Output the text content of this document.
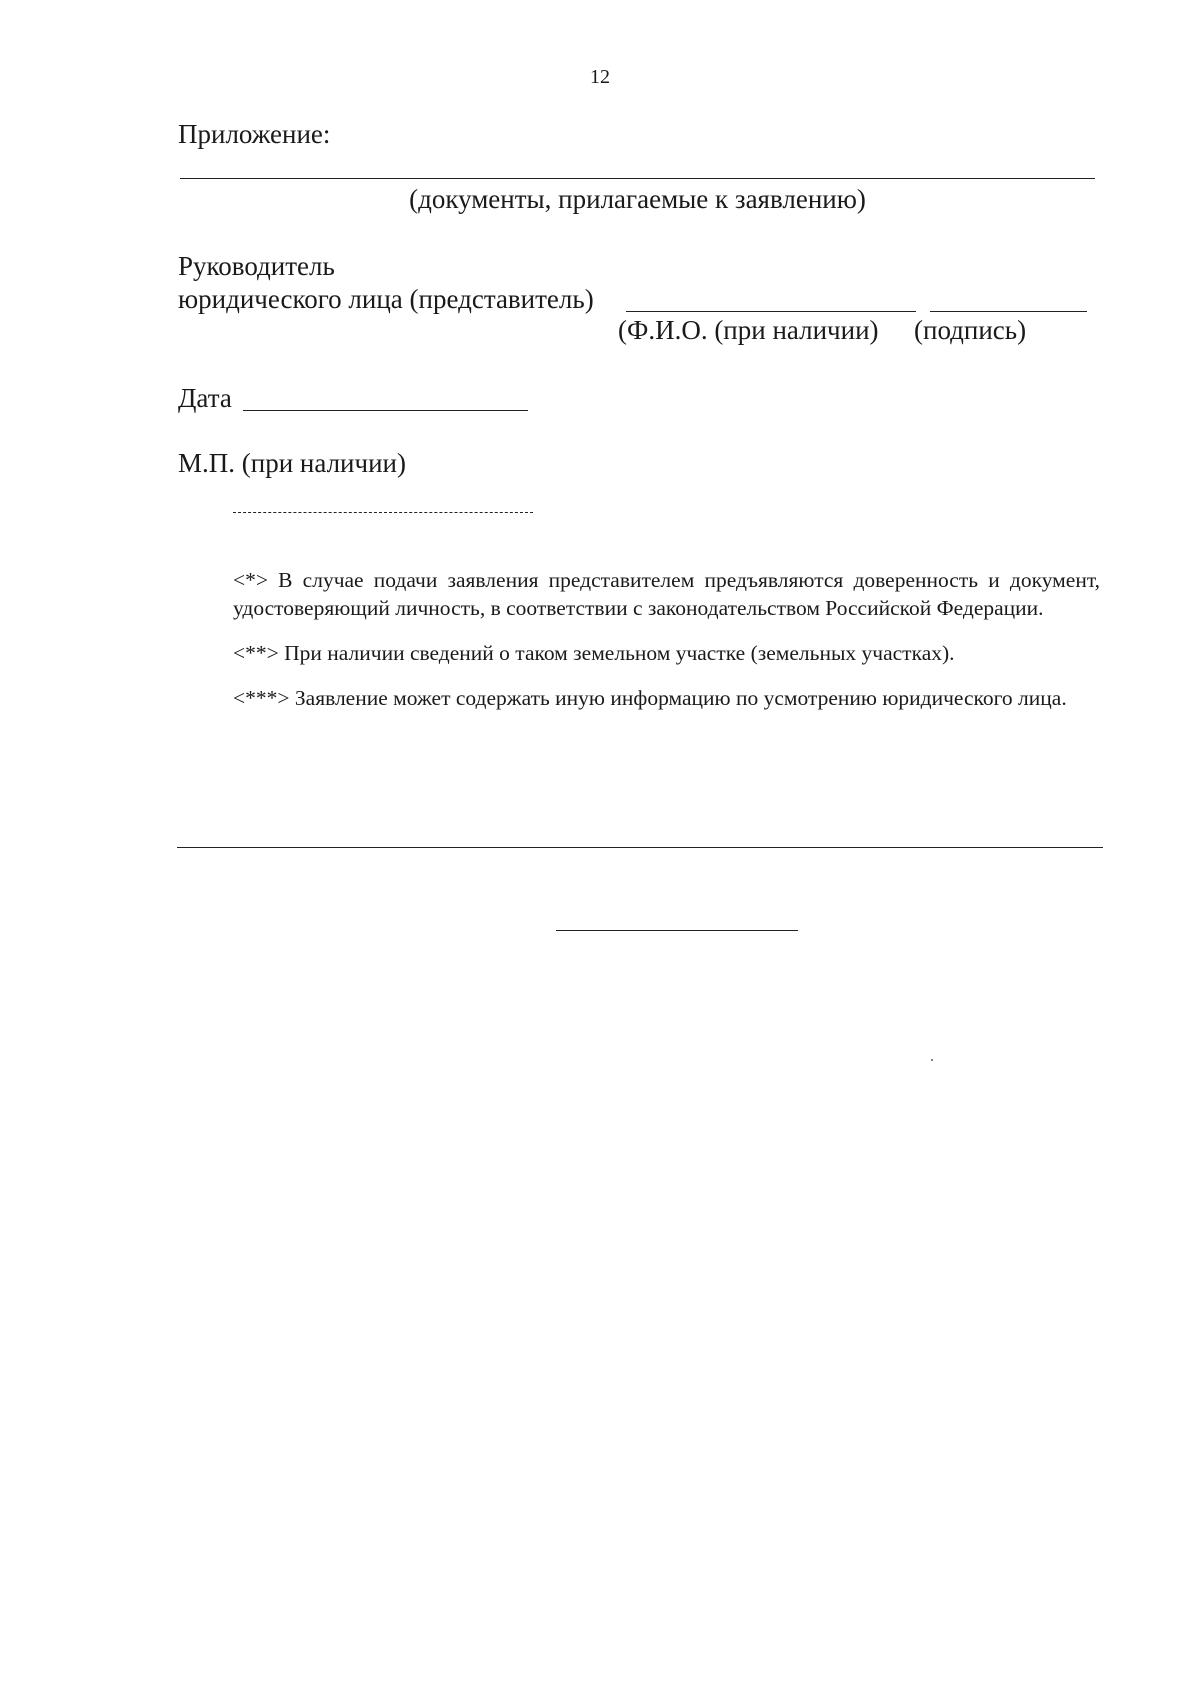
12
Приложение:
(документы, прилагаемые к заявлению)
Руководитель
юридического лица (представитель)
(Ф.И.О. (при наличии) (подпись)
Дата
М.П. (при наличии)

<*> В случае подачи заявления представителем предъявляются доверенность и документ, удостоверяющий личность, в соответствии с законодательством Российской Федерации.

<**> При наличии сведений о таком земельном участке (земельных участках).

<***> Заявление может содержать иную информацию по усмотрению юридического лица.
